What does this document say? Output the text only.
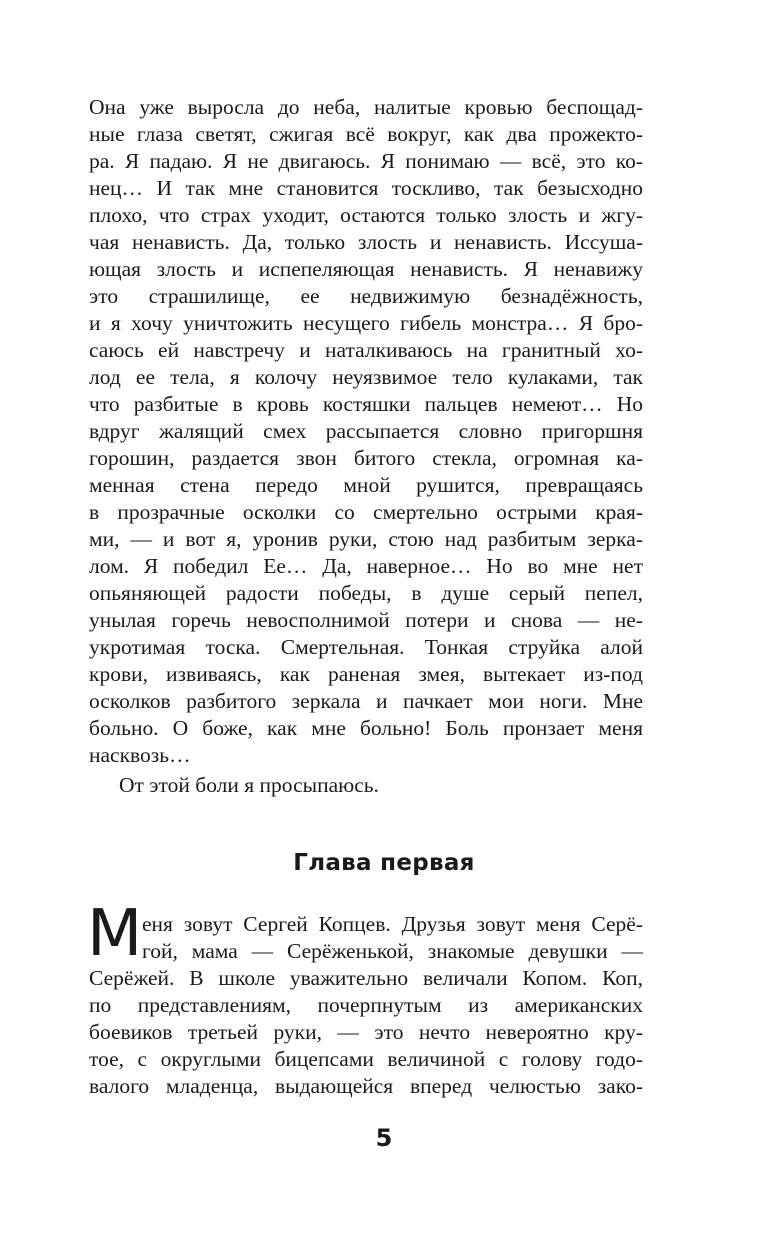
Она уже выросла до неба, налитые кровью беспощад-
ные глаза светят, сжигая всё вокруг, как два прожекто-
ра. Я падаю. Я не двигаюсь. Я понимаю — всё, это ко-
нец… И так мне становится тоскливо, так безысходно
плохо, что страх уходит, остаются только злость и жгу-
чая ненависть. Да, только злость и ненависть. Иссуша-
ющая злость и испепеляющая ненависть. Я ненавижу
это страшилище, ее недвижимую безнадёжность,
и я хочу уничтожить несущего гибель монстра… Я бро-
саюсь ей навстречу и наталкиваюсь на гранитный хо-
лод ее тела, я колочу неуязвимое тело кулаками, так
что разбитые в кровь костяшки пальцев немеют… Но
вдруг жалящий смех рассыпается словно пригоршня
горошин, раздается звон битого стекла, огромная ка-
менная стена передо мной рушится, превращаясь
в прозрачные осколки со смертельно острыми края-
ми, — и вот я, уронив руки, стою над разбитым зерка-
лом. Я победил Ее… Да, наверное… Но во мне нет
опьяняющей радости победы, в душе серый пепел,
унылая горечь невосполнимой потери и снова — не-
укротимая тоска. Смертельная. Тонкая струйка алой
крови, извиваясь, как раненая змея, вытекает из-под
осколков разбитого зеркала и пачкает мои ноги. Мне
больно. О боже, как мне больно! Боль пронзает меня
насквозь…
От этой боли я просыпаюсь.
Глава первая
М еня зовут Сергей Копцев. Друзья зовут меня Серё-
гой, мама — Серёженькой, знакомые девушки —
Серёжей. В школе уважительно величали Копом. Коп,
по представлениям, почерпнутым из американских
боевиков третьей руки, — это нечто невероятно кру-
тое, с округлыми бицепсами величиной с голову годо-
валого младенца, выдающейся вперед челюстью зако-
5
